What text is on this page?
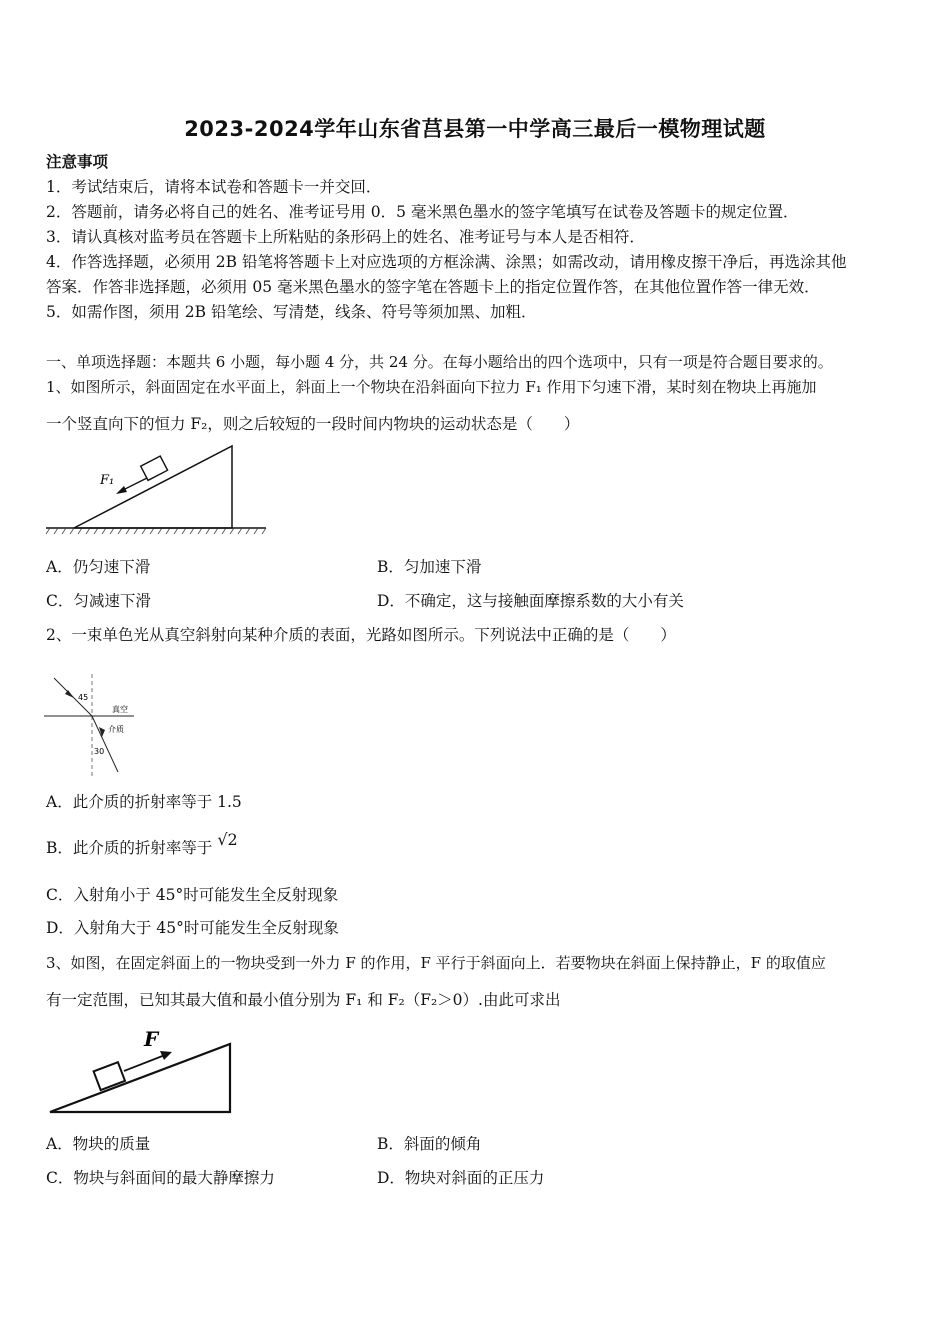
2023-2024学年山东省莒县第一中学高三最后一模物理试题
注意事项
1．考试结束后，请将本试卷和答题卡一并交回．
2．答题前，请务必将自己的姓名、准考证号用 0．5 毫米黑色墨水的签字笔填写在试卷及答题卡的规定位置．
3．请认真核对监考员在答题卡上所粘贴的条形码上的姓名、准考证号与本人是否相符．
4．作答选择题，必须用 2B 铅笔将答题卡上对应选项的方框涂满、涂黑；如需改动，请用橡皮擦干净后，再选涂其他
答案．作答非选择题，必须用 05 毫米黑色墨水的签字笔在答题卡上的指定位置作答，在其他位置作答一律无效．
5．如需作图，须用 2B 铅笔绘、写清楚，线条、符号等须加黑、加粗．
一、单项选择题：本题共 6 小题，每小题 4 分，共 24 分。在每小题给出的四个选项中，只有一项是符合题目要求的。
1、如图所示，斜面固定在水平面上，斜面上一个物块在沿斜面向下拉力 F₁ 作用下匀速下滑，某时刻在物块上再施加
一个竖直向下的恒力 F₂，则之后较短的一段时间内物块的运动状态是（　　）
F₁
A．仍匀速下滑	B．匀加速下滑
C．匀减速下滑	D．不确定，这与接触面摩擦系数的大小有关
2、一束单色光从真空斜射向某种介质的表面，光路如图所示。下列说法中正确的是（　　）
45
30
真空
介质
A．此介质的折射率等于 1.5
B．此介质的折射率等于 √2
C．入射角小于 45°时可能发生全反射现象
D．入射角大于 45°时可能发生全反射现象
3、如图，在固定斜面上的一物块受到一外力 F 的作用，F 平行于斜面向上．若要物块在斜面上保持静止，F 的取值应
有一定范围，已知其最大值和最小值分别为 F₁ 和 F₂（F₂＞0）.由此可求出
F
A．物块的质量	B．斜面的倾角
C．物块与斜面间的最大静摩擦力	D．物块对斜面的正压力
